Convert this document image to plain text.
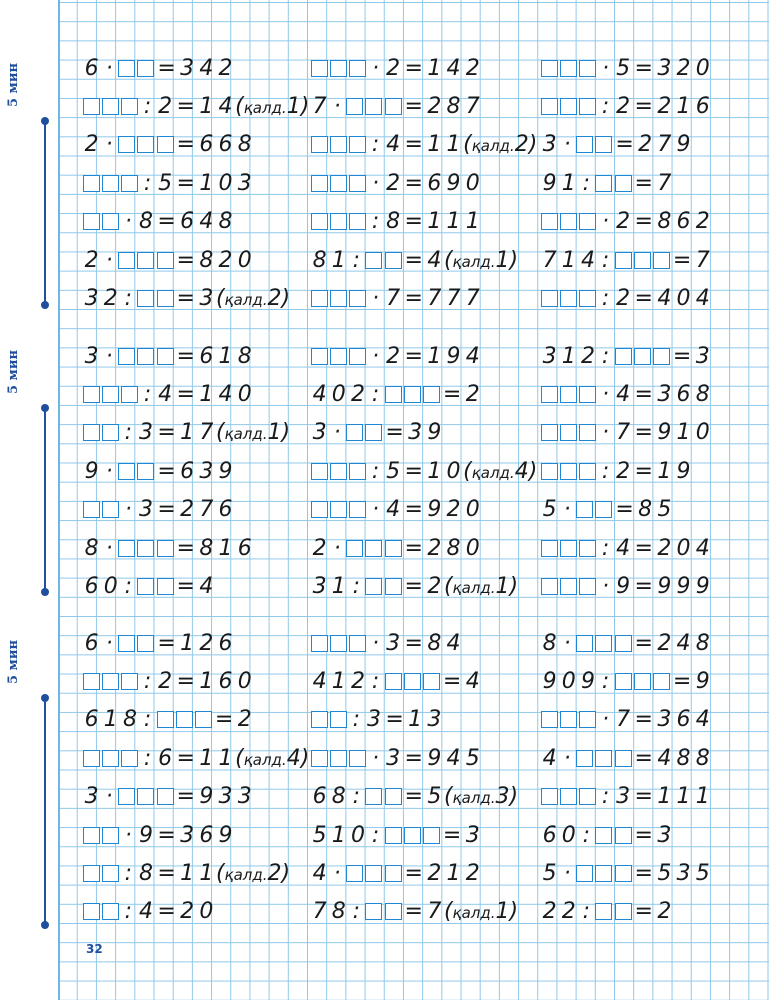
5 мин
5 мин
5 мин
6 · = 3 4 2
: 2 = 1 4 (қалд.1)
2 ·	= 6 6 8
: 5 = 1 0 3
· 8 = 6 4 8
2 ·	= 8 2 0
3 2 : = 3 (қалд.2)
· 2 = 1 4 2
7 ·	= 2 8 7
: 4 = 1 1 (қалд.2)
· 2 = 6 9 0
: 8 = 1 1 1
8 1 : = 4 (қалд.1)
· 7 = 7 7 7
· 5 = 3 2 0
: 2 = 2 1 6
3 · = 2 7 9
9 1 : = 7
· 2 = 8 6 2
7 1 4 :	= 7
: 2 = 4 0 4
3 ·	= 6 1 8
: 4 = 1 4 0
: 3 = 1 7 (қалд.1)
9 · = 6 3 9
· 3 = 2 7 6
8 ·	= 8 1 6
6 0 : = 4
· 2 = 1 9 4
4 0 2 :	= 2
3 · = 3 9
: 5 = 1 0 (қалд.4)
· 4 = 9 2 0
2 ·	= 2 8 0
3 1 : = 2 (қалд.1)
3 1 2 :	= 3
· 4 = 3 6 8
· 7 = 9 1 0
: 2 = 1 9
5 · = 8 5
: 4 = 2 0 4
· 9 = 9 9 9
6 · = 1 2 6
: 2 = 1 6 0
6 1 8 :	= 2
: 6 = 1 1 (қалд.4)
3 ·	= 9 3 3
· 9 = 3 6 9
: 8 = 1 1 (қалд.2)
: 4 = 2 0
· 3 = 8 4
4 1 2 :	= 4
: 3 = 1 3
· 3 = 9 4 5
6 8 : = 5 (қалд.3)
5 1 0 :	= 3
4 ·	= 2 1 2
7 8 : = 7 (қалд.1)
8 ·	= 2 4 8
9 0 9 :	= 9
· 7 = 3 6 4
4 ·	= 4 8 8
: 3 = 1 1 1
6 0 : = 3
5 ·	= 5 3 5
2 2 : = 2
32
